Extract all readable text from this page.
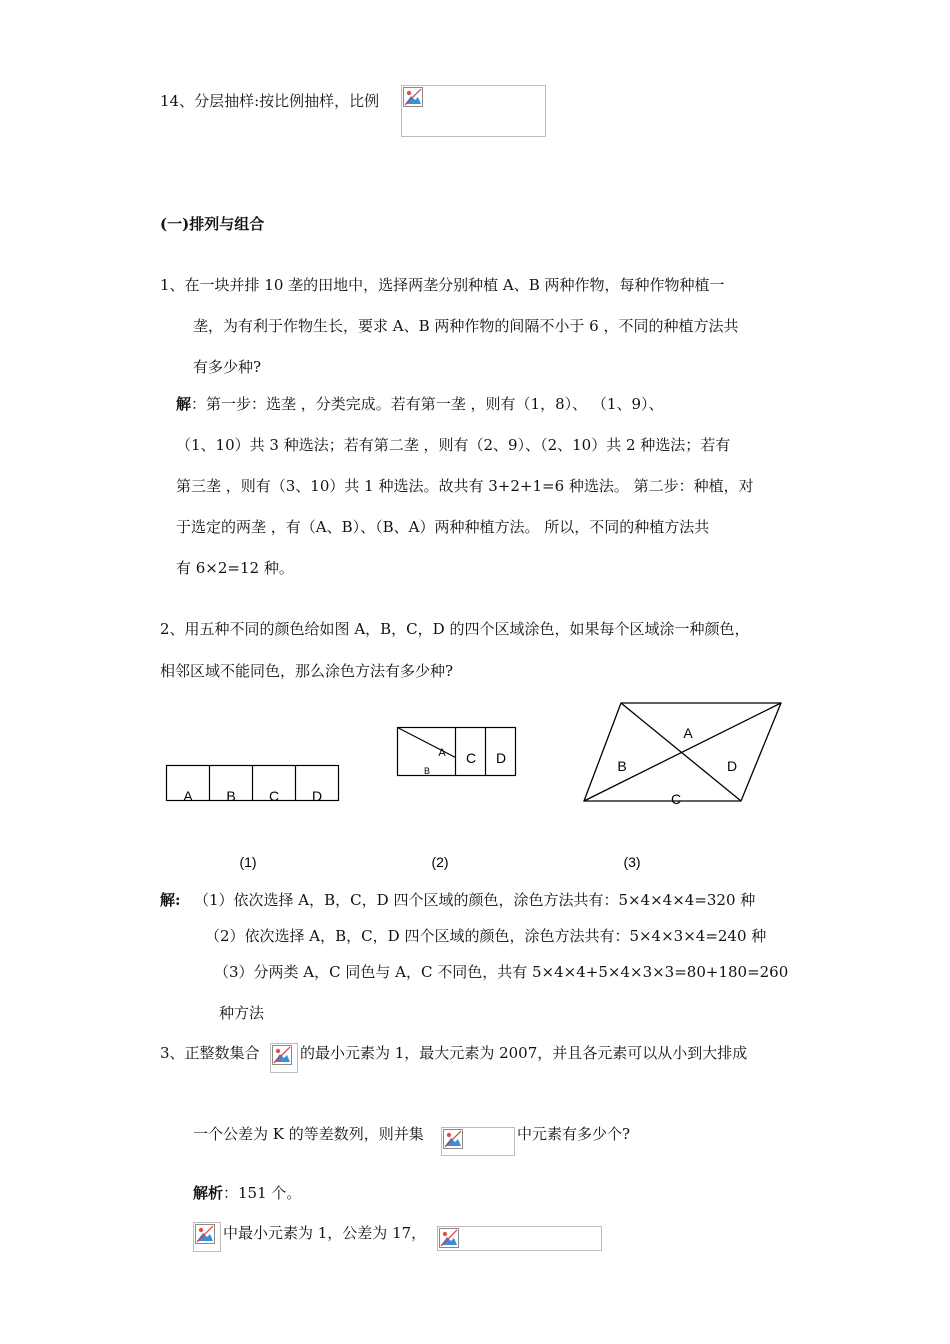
14、分层抽样:按比例抽样，比例
(一)排列与组合
1、在一块并排 10 垄的田地中，选择两垄分别种植 A、B 两种作物，每种作物种植一
垄，为有利于作物生长，要求 A、B 两种作物的间隔不小于 6 ，不同的种植方法共
有多少种?
解：第一步：选垄 ，分类完成。若有第一垄 ，则有（1，8）、 （1、9）、
（1、10）共 3 种选法；若有第二垄 ，则有（2、9）、（2、10）共 2 种选法；若有
第三垄 ，则有（3、10）共 1 种选法。故共有 3+2+1=6 种选法。 第二步：种植，对
于选定的两垄 ，有（A、B）、（B、A）两种种植方法。 所以，不同的种植方法共
有 6×2=12 种。
2、用五种不同的颜色给如图 A，B，C，D 的四个区域涂色，如果每个区域涂一种颜色，
相邻区域不能同色，那么涂色方法有多少种?
A B C D
A
B
C D
A
B
C
D
(1)	(2)	(3)
解: （1）依次选择 A，B，C，D 四个区域的颜色，涂色方法共有：5×4×4×4=320 种
（2）依次选择 A，B，C，D 四个区域的颜色，涂色方法共有：5×4×3×4=240 种
（3）分两类 A，C 同色与 A，C 不同色，共有 5×4×4+5×4×3×3=80+180=260
种方法
3、正整数集合	的最小元素为 1，最大元素为 2007，并且各元素可以从小到大排成
一个公差为 K 的等差数列，则并集	中元素有多少个?
解析：151 个。
中最小元素为 1，公差为 17，
